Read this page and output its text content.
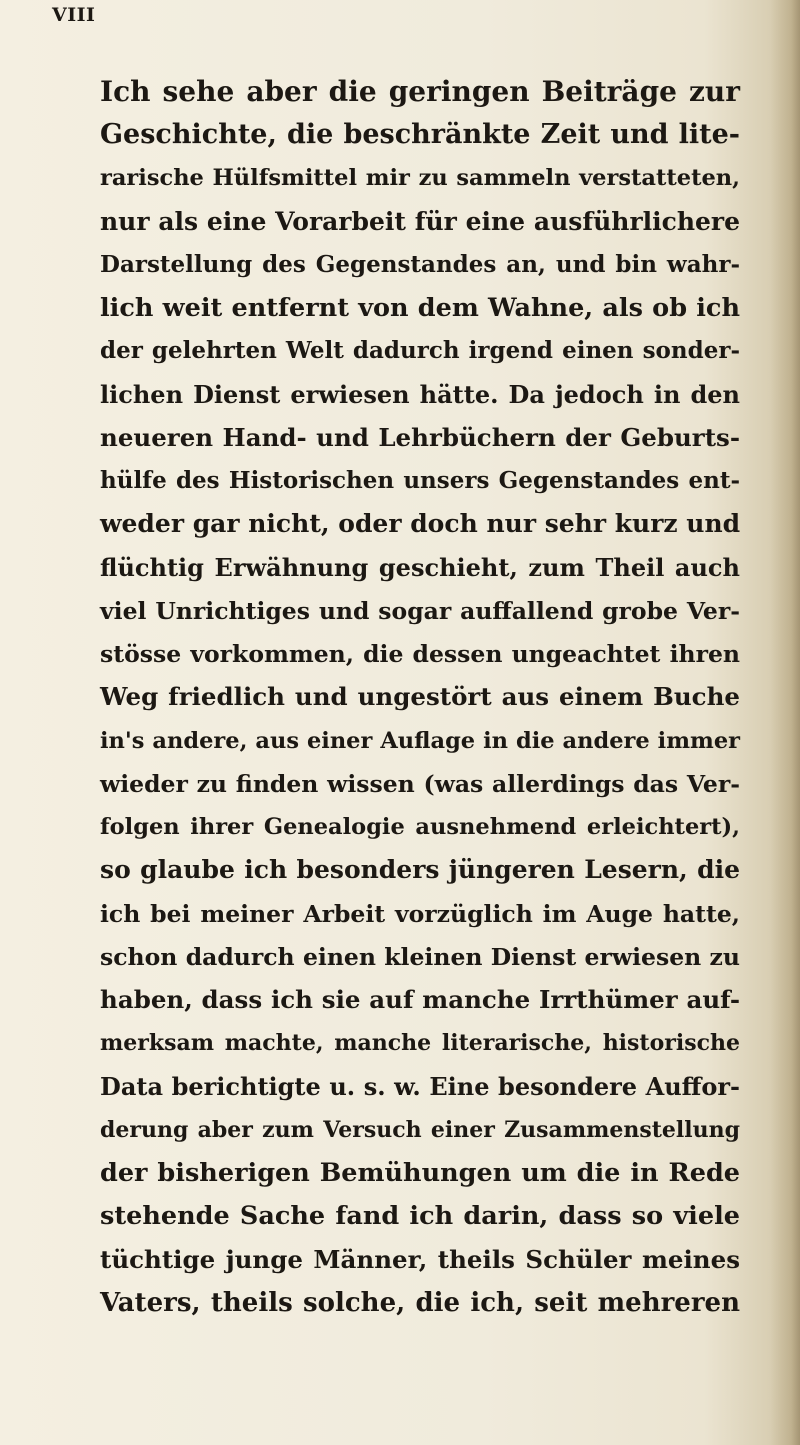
VIII
Ich sehe aber die geringen Beiträge zur
Geschichte, die beschränkte Zeit und lite-
rarische Hülfsmittel mir zu sammeln verstatteten,
nur als eine Vorarbeit für eine ausführlichere
Darstellung des Gegenstandes an, und bin wahr-
lich weit entfernt von dem Wahne, als ob ich
der gelehrten Welt dadurch irgend einen sonder-
lichen Dienst erwiesen hätte. Da jedoch in den
neueren Hand- und Lehrbüchern der Geburts-
hülfe des Historischen unsers Gegenstandes ent-
weder gar nicht, oder doch nur sehr kurz und
flüchtig Erwähnung geschieht, zum Theil auch
viel Unrichtiges und sogar auffallend grobe Ver-
stösse vorkommen, die dessen ungeachtet ihren
Weg friedlich und ungestört aus einem Buche
in's andere, aus einer Auflage in die andere immer
wieder zu finden wissen (was allerdings das Ver-
folgen ihrer Genealogie ausnehmend erleichtert),
so glaube ich besonders jüngeren Lesern, die
ich bei meiner Arbeit vorzüglich im Auge hatte,
schon dadurch einen kleinen Dienst erwiesen zu
haben, dass ich sie auf manche Irrthümer auf-
merksam machte, manche literarische, historische
Data berichtigte u. s. w. Eine besondere Auffor-
derung aber zum Versuch einer Zusammenstellung
der bisherigen Bemühungen um die in Rede
stehende Sache fand ich darin, dass so viele
tüchtige junge Männer, theils Schüler meines
Vaters, theils solche, die ich, seit mehreren
